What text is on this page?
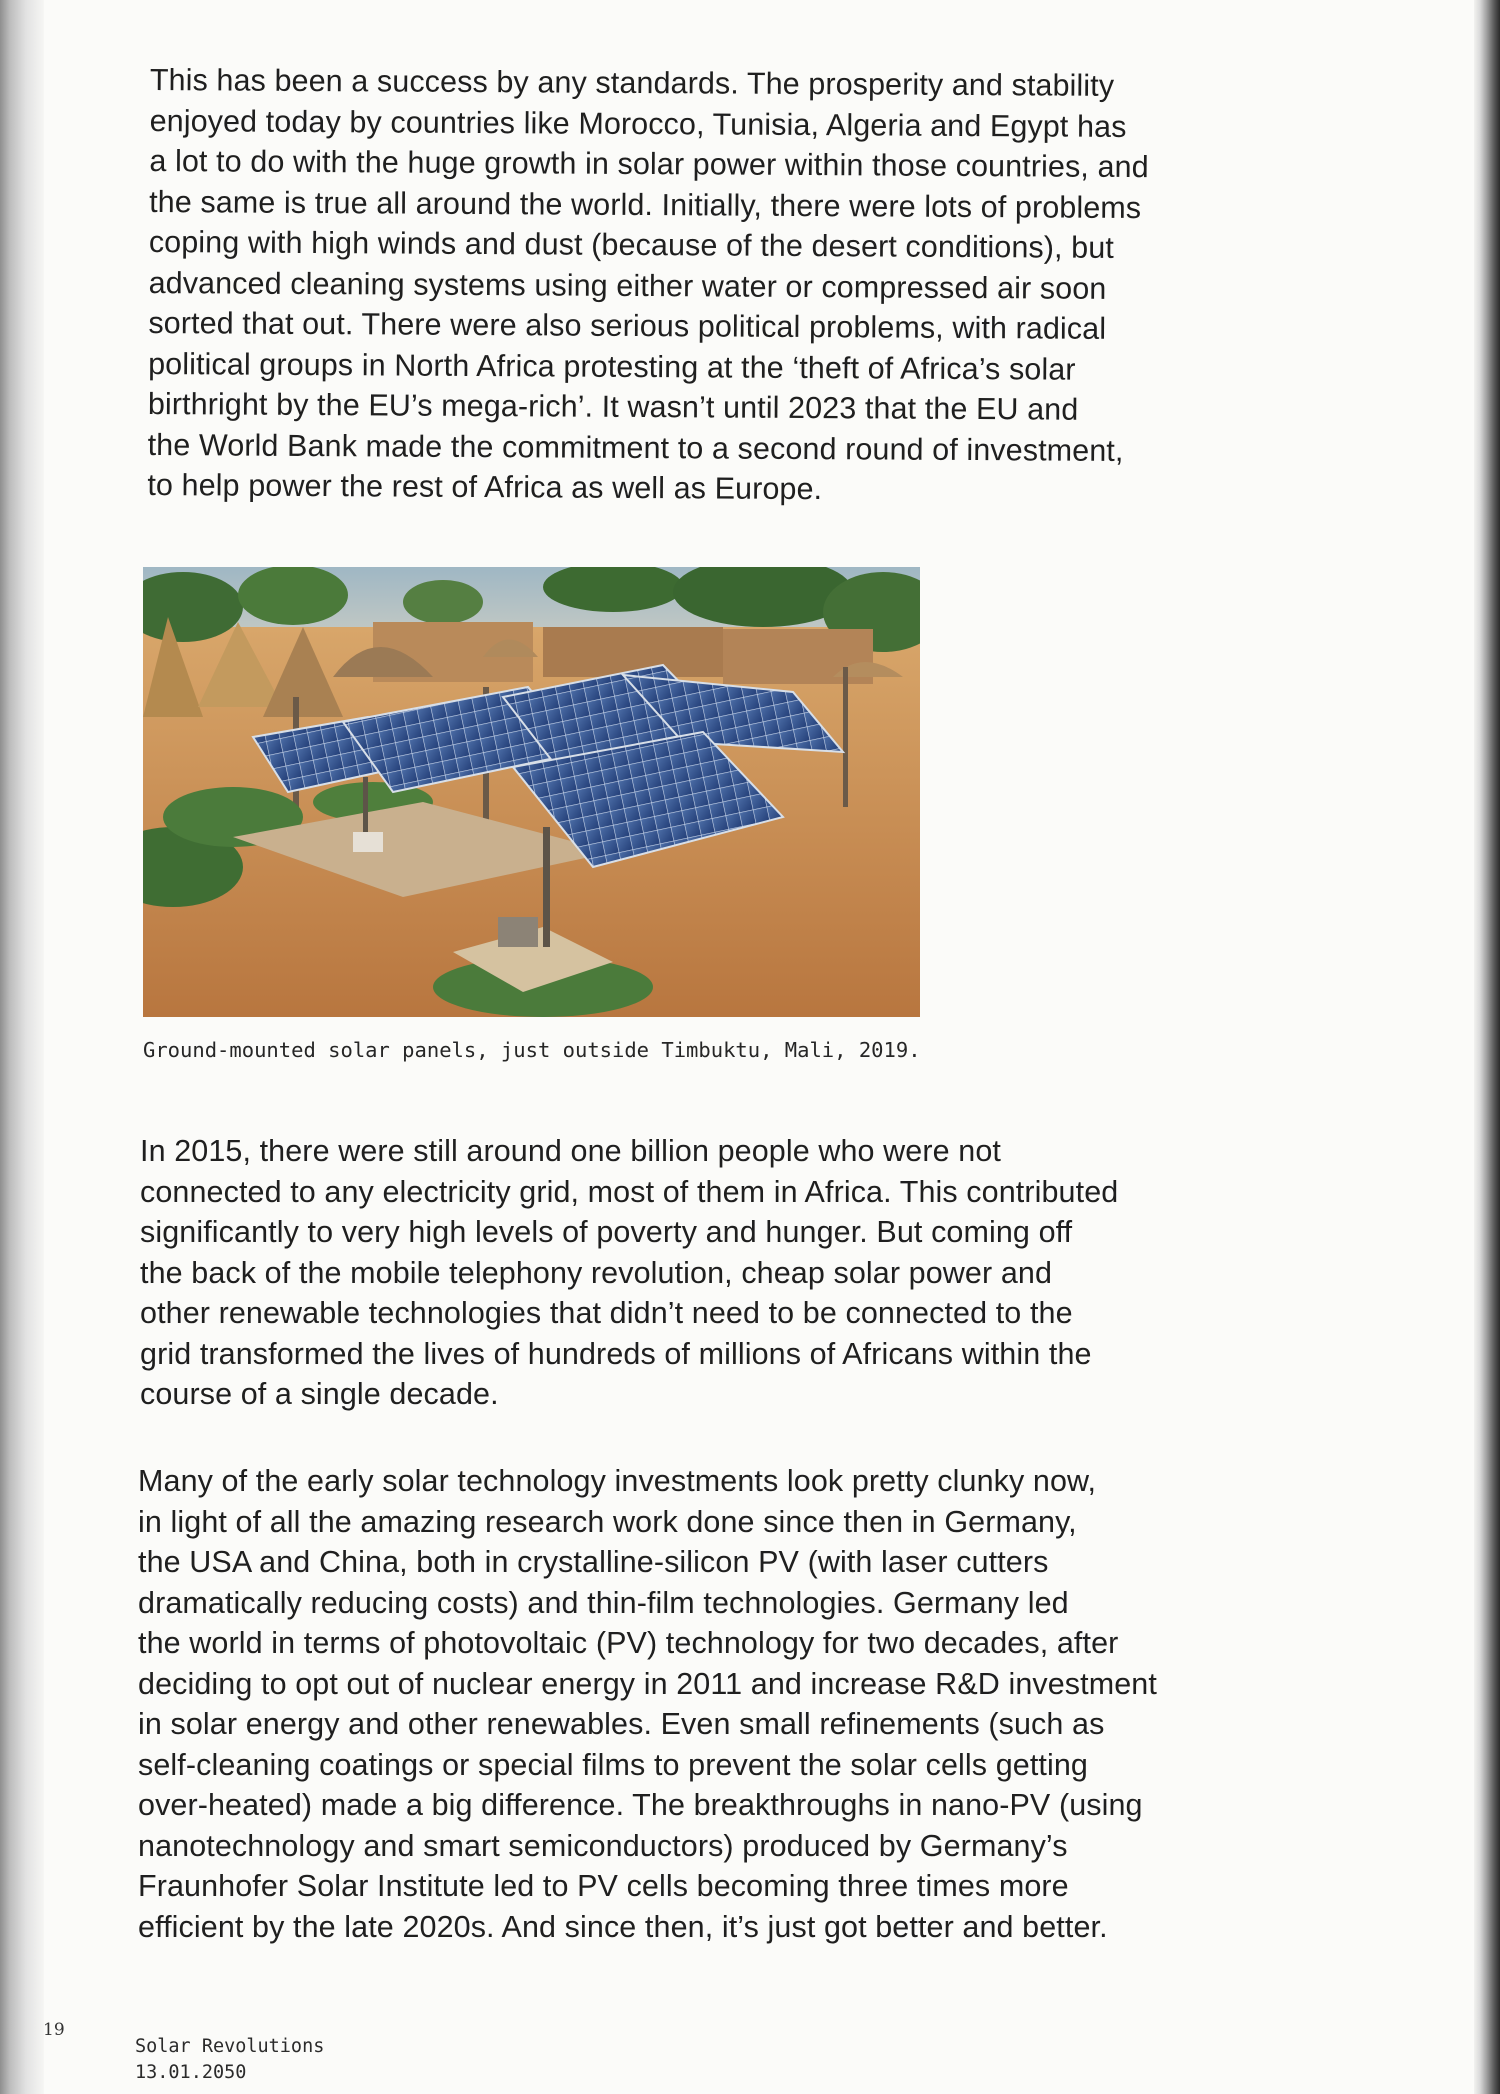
This has been a success by any standards. The prosperity and stability
enjoyed today by countries like Morocco, Tunisia, Algeria and Egypt has
a lot to do with the huge growth in solar power within those countries, and
the same is true all around the world. Initially, there were lots of problems
coping with high winds and dust (because of the desert conditions), but
advanced cleaning systems using either water or compressed air soon
sorted that out. There were also serious political problems, with radical
political groups in North Africa protesting at the ‘theft of Africa’s solar
birthright by the EU’s mega-rich’. It wasn’t until 2023 that the EU and
the World Bank made the commitment to a second round of investment,
to help power the rest of Africa as well as Europe.

Ground-mounted solar panels, just outside Timbuktu, Mali, 2019.

In 2015, there were still around one billion people who were not
connected to any electricity grid, most of them in Africa. This contributed
significantly to very high levels of poverty and hunger. But coming off
the back of the mobile telephony revolution, cheap solar power and
other renewable technologies that didn’t need to be connected to the
grid transformed the lives of hundreds of millions of Africans within the
course of a single decade.

Many of the early solar technology investments look pretty clunky now,
in light of all the amazing research work done since then in Germany,
the USA and China, both in crystalline-silicon PV (with laser cutters
dramatically reducing costs) and thin-film technologies. Germany led
the world in terms of photovoltaic (PV) technology for two decades, after
deciding to opt out of nuclear energy in 2011 and increase R&D investment
in solar energy and other renewables. Even small refinements (such as
self-cleaning coatings or special films to prevent the solar cells getting
over-heated) made a big difference. The breakthroughs in nano-PV (using
nanotechnology and smart semiconductors) produced by Germany’s
Fraunhofer Solar Institute led to PV cells becoming three times more
efficient by the late 2020s. And since then, it’s just got better and better.

19
Solar Revolutions
13.01.2050
